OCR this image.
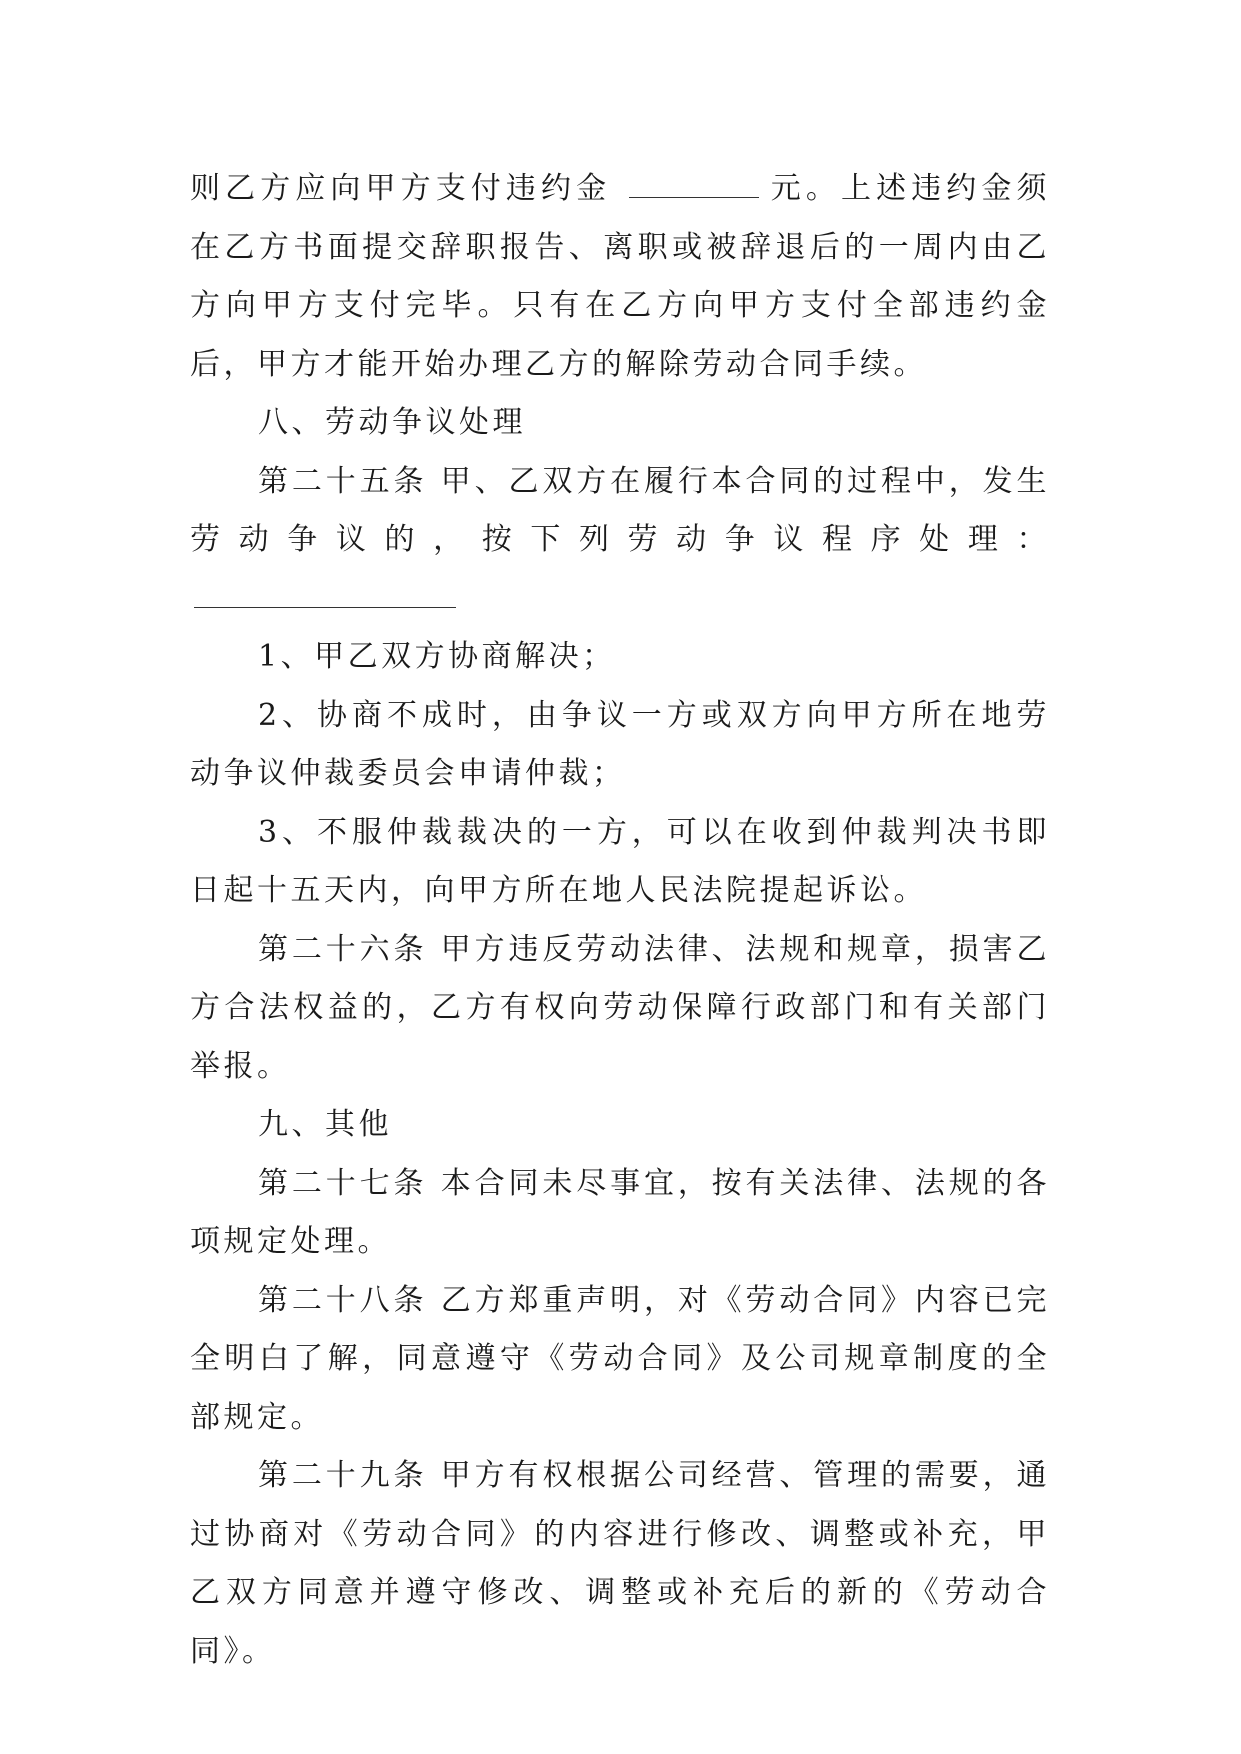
则乙方应向甲方支付违约金	元。上述违约金须在乙方书面提交辞职报告、离职或被辞退后的一周内由乙方向甲方支付完毕。只有在乙方向甲方支付全部违约金后，甲方才能开始办理乙方的解除劳动合同手续。

八、劳动争议处理

第二十五条 甲、乙双方在履行本合同的过程中，发生劳动争议的，按下列劳动争议程序处理：

1、甲乙双方协商解决；

2、协商不成时，由争议一方或双方向甲方所在地劳动争议仲裁委员会申请仲裁；

3、不服仲裁裁决的一方，可以在收到仲裁判决书即日起十五天内，向甲方所在地人民法院提起诉讼。

第二十六条 甲方违反劳动法律、法规和规章，损害乙方合法权益的，乙方有权向劳动保障行政部门和有关部门举报。

九、其他

第二十七条 本合同未尽事宜，按有关法律、法规的各项规定处理。

第二十八条 乙方郑重声明，对《劳动合同》内容已完全明白了解，同意遵守《劳动合同》及公司规章制度的全部规定。

第二十九条 甲方有权根据公司经营、管理的需要，通过协商对《劳动合同》的内容进行修改、调整或补充，甲乙双方同意并遵守修改、调整或补充后的新的《劳动合同》。
